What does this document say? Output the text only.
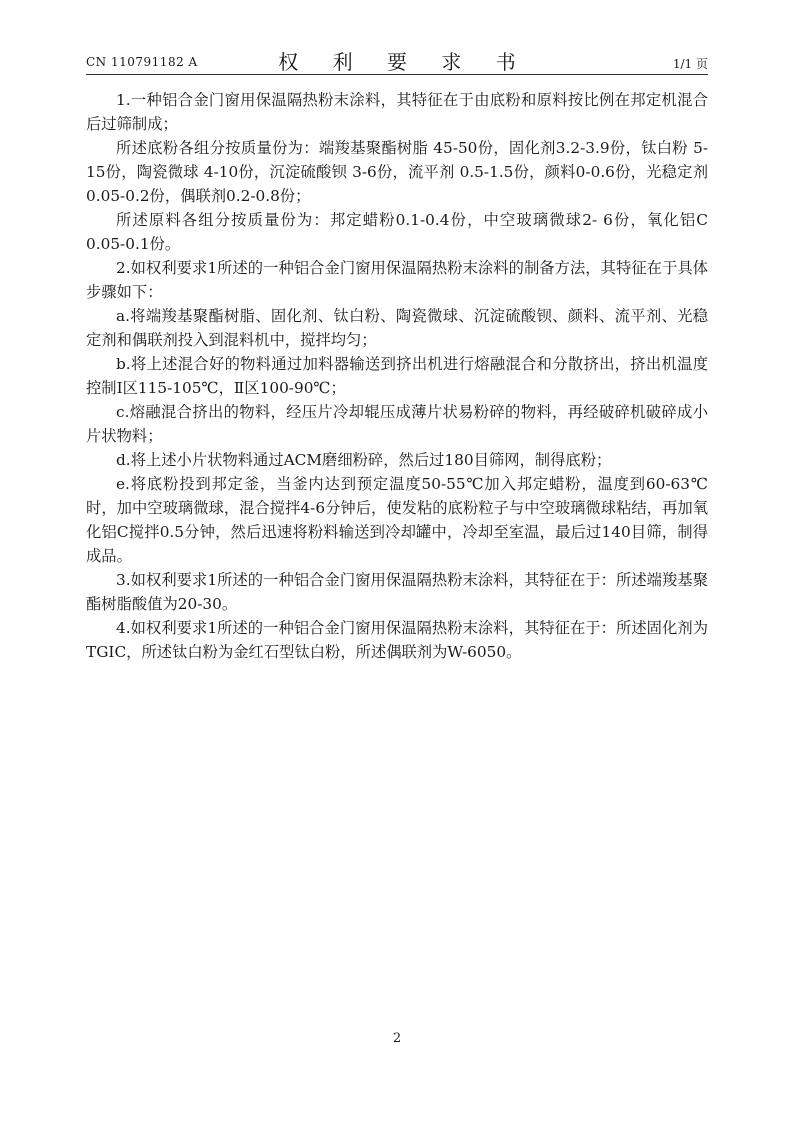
CN 110791182 A	权 利 要 求 书	1/1 页

1.一种铝合金门窗用保温隔热粉末涂料，其特征在于由底粉和原料按比例在邦定机混合后过筛制成；

所述底粉各组分按质量份为：端羧基聚酯树脂 45-50份，固化剂3.2-3.9份，钛白粉 5-15份，陶瓷微球 4-10份，沉淀硫酸钡 3-6份，流平剂 0.5-1.5份，颜料0-0.6份，光稳定剂0.05-0.2份，偶联剂0.2-0.8份；

所述原料各组分按质量份为：邦定蜡粉0.1-0.4份，中空玻璃微球2- 6份，氧化铝C 0.05-0.1份。

2.如权利要求1所述的一种铝合金门窗用保温隔热粉末涂料的制备方法，其特征在于具体步骤如下：

a.将端羧基聚酯树脂、固化剂、钛白粉、陶瓷微球、沉淀硫酸钡、颜料、流平剂、光稳定剂和偶联剂投入到混料机中，搅拌均匀；

b.将上述混合好的物料通过加料器输送到挤出机进行熔融混合和分散挤出，挤出机温度控制Ⅰ区115-105℃，Ⅱ区100-90℃；

c.熔融混合挤出的物料，经压片冷却辊压成薄片状易粉碎的物料，再经破碎机破碎成小片状物料；

d.将上述小片状物料通过ACM磨细粉碎，然后过180目筛网，制得底粉；

e.将底粉投到邦定釜，当釜内达到预定温度50-55℃加入邦定蜡粉，温度到60-63℃时，加中空玻璃微球，混合搅拌4-6分钟后，使发粘的底粉粒子与中空玻璃微球粘结，再加氧化铝C搅拌0.5分钟，然后迅速将粉料输送到冷却罐中，冷却至室温，最后过140目筛，制得成品。

3.如权利要求1所述的一种铝合金门窗用保温隔热粉末涂料，其特征在于：所述端羧基聚酯树脂酸值为20-30。

4.如权利要求1所述的一种铝合金门窗用保温隔热粉末涂料，其特征在于：所述固化剂为TGIC，所述钛白粉为金红石型钛白粉，所述偶联剂为W-6050。

2
